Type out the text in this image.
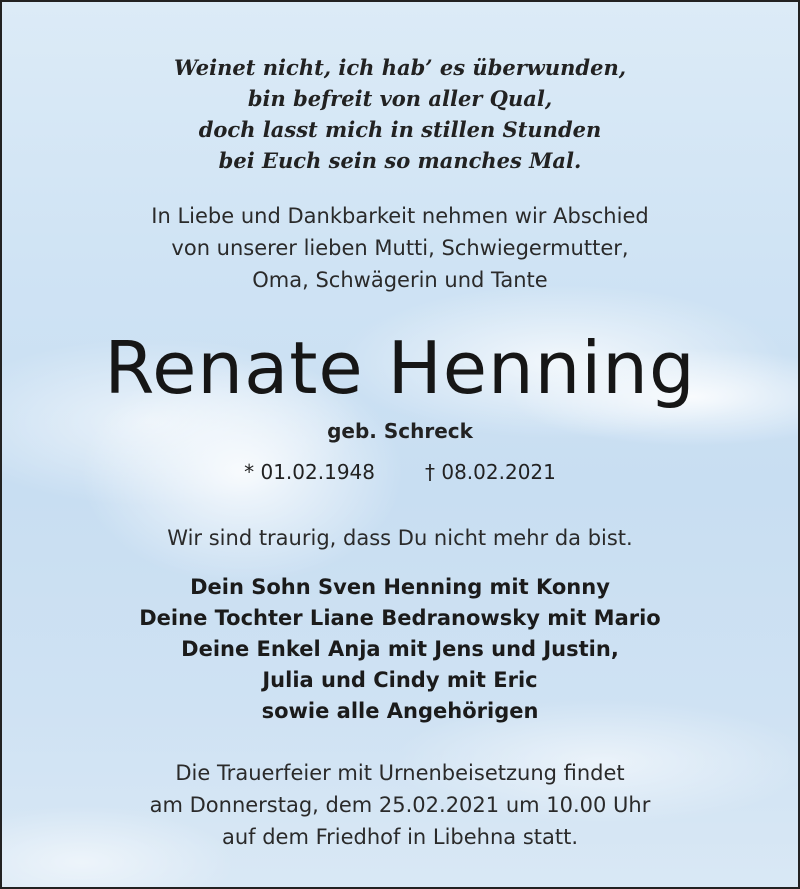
Weinet nicht, ich hab’ es überwunden,
bin befreit von aller Qual,
doch lasst mich in stillen Stunden
bei Euch sein so manches Mal.
In Liebe und Dankbarkeit nehmen wir Abschied
von unserer lieben Mutti, Schwiegermutter,
Oma, Schwägerin und Tante
Renate Henning
geb. Schreck
* 01.02.1948	† 08.02.2021
Wir sind traurig, dass Du nicht mehr da bist.
Dein Sohn Sven Henning mit Konny
Deine Tochter Liane Bedranowsky mit Mario
Deine Enkel Anja mit Jens und Justin,
Julia und Cindy mit Eric
sowie alle Angehörigen
Die Trauerfeier mit Urnenbeisetzung findet
am Donnerstag, dem 25.02.2021 um 10.00 Uhr
auf dem Friedhof in Libehna statt.
